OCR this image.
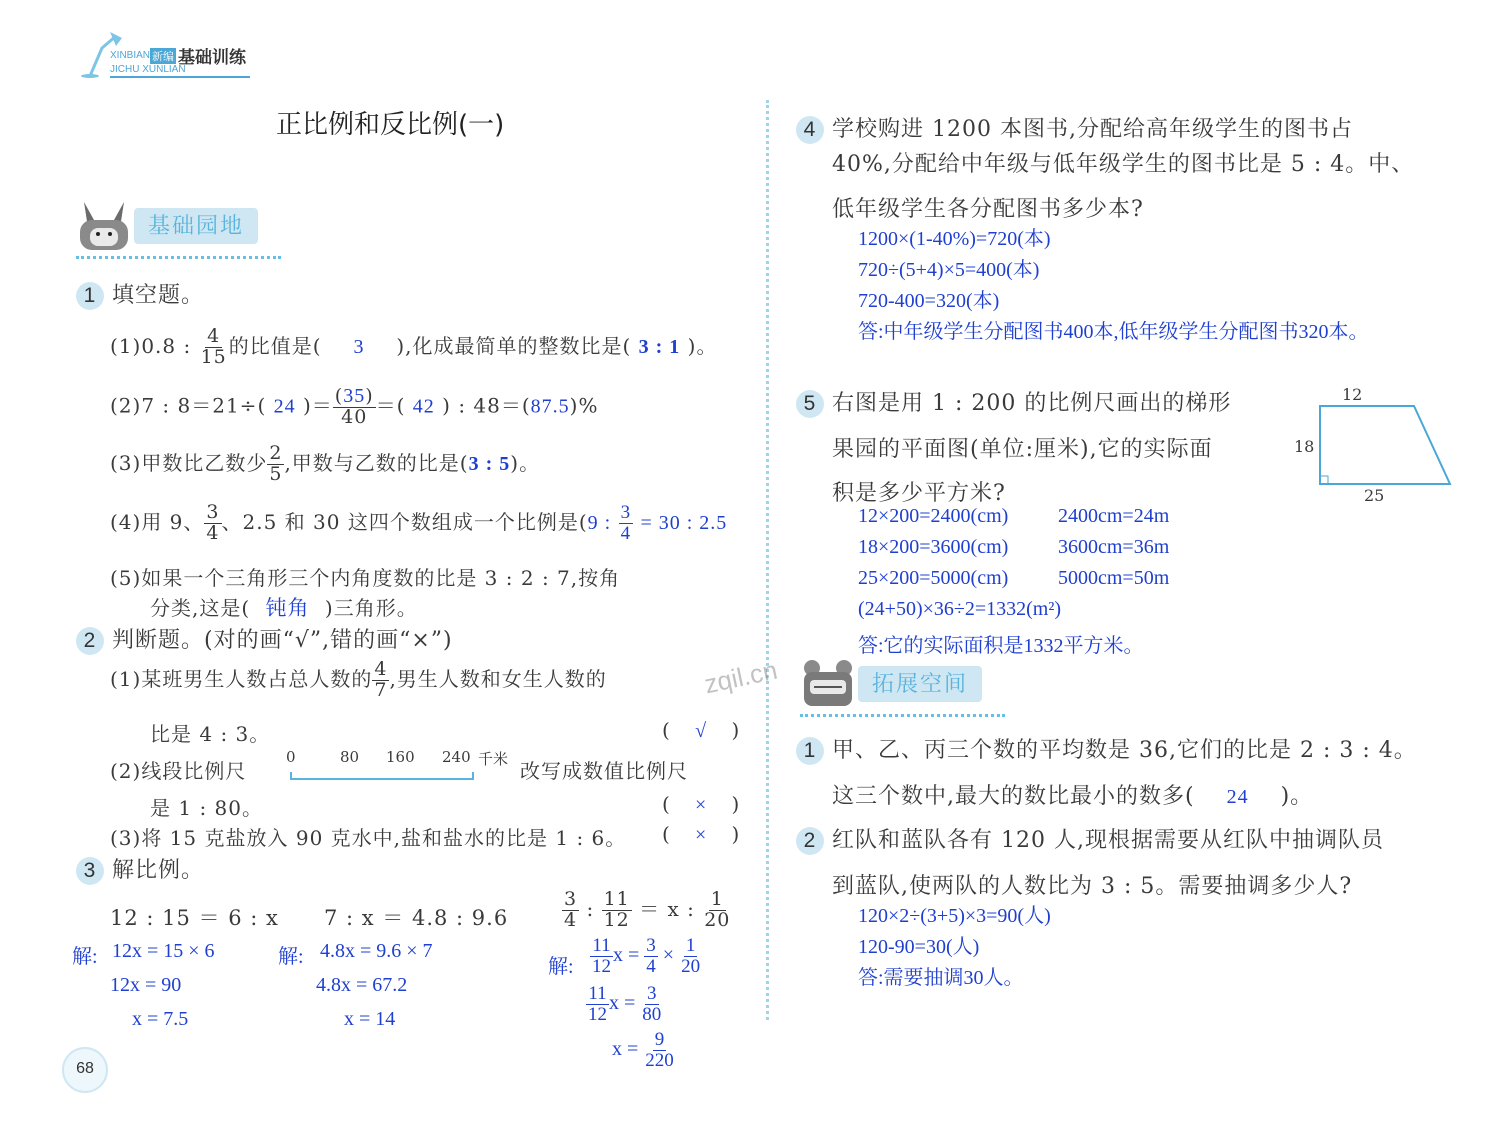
XINBIAN 新编 基础训练
JICHU XUNLIAN
正比例和反比例(一)
基础园地
1 填空题。
(1)0.8 : $\frac{4}{15}$ 的比值是( 3 ),化成最简单的整数比是( 3 : 1 )。
(2)7 : 8＝21÷( 24 )＝ $\frac{(35)}{40}$ ＝( 42 ) : 48＝(87.5)%
(3)甲数比乙数少 $\frac{2}{5}$ ,甲数与乙数的比是(3 : 5)。
(4)用 9、 $\frac{3}{4}$ 、2.5 和 30 这四个数组成一个比例是(9 : $\frac{3}{4} = 30$ : 2.5
(5)如果一个三角形三个内角度数的比是 3 : 2 : 7,按角
分类,这是( 钝角 )三角形。
2 判断题。(对的画“√”,错的画“×”)
(1)某班男生人数占总人数的 $\frac{4}{7}$ ,男生人数和女生人数的
比是 4 : 3。	( √ )
(2)线段比例尺
0	80 160 240 千米 改写成数值比例尺
是 1 : 80。	( × )
(3)将 15 克盐放入 90 克水中,盐和盐水的比是 1 : 6。 ( × )
3 解比例。
12 : 15 ＝ 6 : x
解: 12x = 15 × 6
12x = 90
x = 7.5
7 : x ＝ 4.8 : 9.6
解: 4.8x = 9.6 × 7
4.8x = 67.2
x = 14
$\frac{3}{4}$ : $\frac{11}{12} = x$ : $\frac{1}{20}$
解: $\frac{11}{12}$ $x = \frac{3}{4} \times \frac{1}{20}$
$\frac{11}{12}$ $x = \frac{3}{80}$
$x = \frac{9}{220}$
68
zqil.cn
4 学校购进 1200 本图书,分配给高年级学生的图书占
40%,分配给中年级与低年级学生的图书比是 5 : 4。中、
低年级学生各分配图书多少本?
1200×(1-40%)=720(本)
720÷(5+4)×5=400(本)
720-400=320(本)
答:中年级学生分配图书400本,低年级学生分配图书320本。
5 右图是用 1 : 200 的比例尺画出的梯形
果园的平面图(单位:厘米),它的实际面
积是多少平方米?
12
18
25
12×200=2400(cm) 2400cm=24m
18×200=3600(cm) 3600cm=36m
25×200=5000(cm) 5000cm=50m
(24+50)×36÷2=1332(m²)
答:它的实际面积是1332平方米。
拓展空间
1 甲、乙、丙三个数的平均数是 36,它们的比是 2 : 3 : 4。
这三个数中,最大的数比最小的数多( 24 )。
2 红队和蓝队各有 120 人,现根据需要从红队中抽调队员
到蓝队,使两队的人数比为 3 : 5。需要抽调多少人?
120×2÷(3+5)×3=90(人)
120-90=30(人)
答:需要抽调30人。
